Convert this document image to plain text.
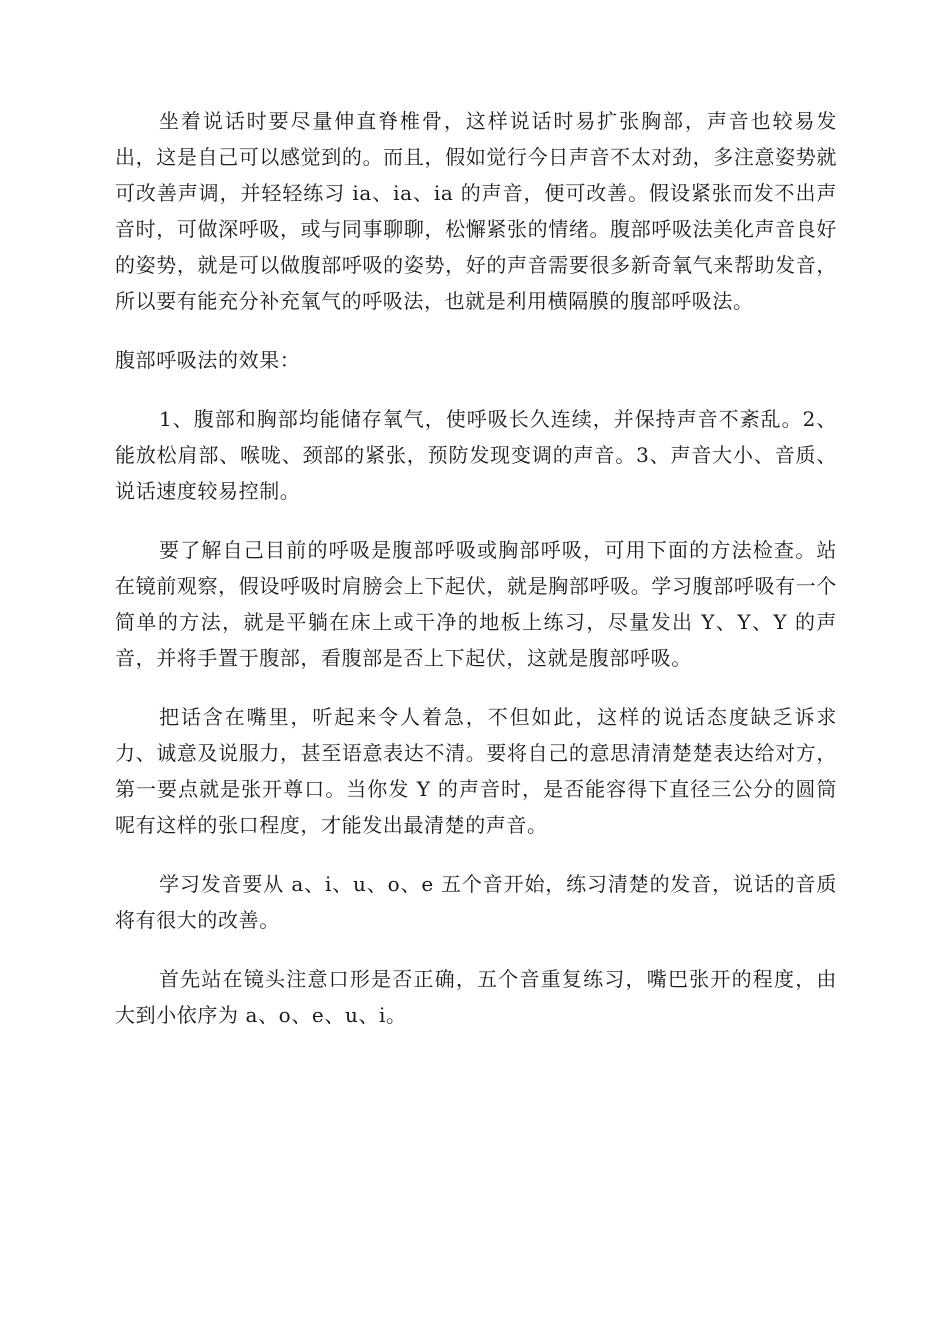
坐着说话时要尽量伸直脊椎骨，这样说话时易扩张胸部，声音也较易发出，这是自己可以感觉到的。而且，假如觉行今日声音不太对劲，多注意姿势就可改善声调，并轻轻练习 ia、ia、ia 的声音，便可改善。假设紧张而发不出声音时，可做深呼吸，或与同事聊聊，松懈紧张的情绪。腹部呼吸法美化声音良好的姿势，就是可以做腹部呼吸的姿势，好的声音需要很多新奇氧气来帮助发音，所以要有能充分补充氧气的呼吸法，也就是利用横隔膜的腹部呼吸法。

腹部呼吸法的效果：

1、腹部和胸部均能储存氧气，使呼吸长久连续，并保持声音不紊乱。2、能放松肩部、喉咙、颈部的紧张，预防发现变调的声音。3、声音大小、音质、说话速度较易控制。

要了解自己目前的呼吸是腹部呼吸或胸部呼吸，可用下面的方法检查。站在镜前观察，假设呼吸时肩膀会上下起伏，就是胸部呼吸。学习腹部呼吸有一个简单的方法，就是平躺在床上或干净的地板上练习，尽量发出 Y、Y、Y 的声音，并将手置于腹部，看腹部是否上下起伏，这就是腹部呼吸。

把话含在嘴里，听起来令人着急，不但如此，这样的说话态度缺乏诉求力、诚意及说服力，甚至语意表达不清。要将自己的意思清清楚楚表达给对方，第一要点就是张开尊口。当你发 Y 的声音时，是否能容得下直径三公分的圆筒呢有这样的张口程度，才能发出最清楚的声音。

学习发音要从 a、i、u、o、e 五个音开始，练习清楚的发音，说话的音质将有很大的改善。

首先站在镜头注意口形是否正确，五个音重复练习，嘴巴张开的程度，由大到小依序为 a、o、e、u、i。
